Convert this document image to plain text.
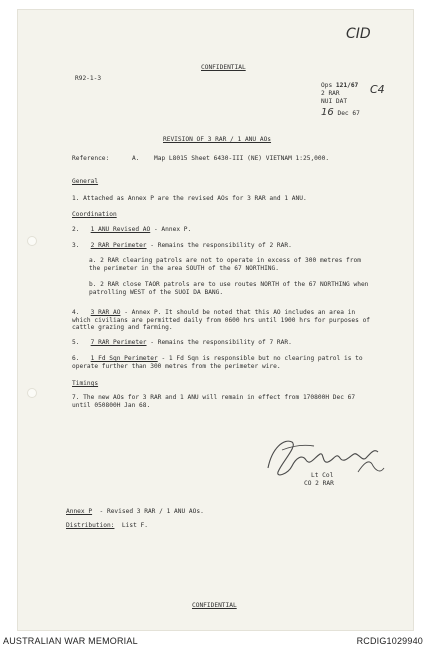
CID
C4
CONFIDENTIAL
R92-1-3
Ops 121/67
2 RAR
NUI DAT
16 Dec 67
REVISION OF 3 RAR / 1 ANU AOs
Reference:	A. Map L8015 Sheet 6430-III (NE) VIETNAM 1:25,000.
General
1. Attached as Annex P are the revised AOs for 3 RAR and 1 ANU.
Coordination
2. 1 ANU Revised AO - Annex P.
3. 2 RAR Perimeter - Remains the responsibility of 2 RAR.
a. 2 RAR clearing patrols are not to operate in excess of 300 metres from the perimeter in the area SOUTH of the 67 NORTHING.
b. 2 RAR close TAOR patrols are to use routes NORTH of the 67 NORTHING when patrolling WEST of the SUOI DA BANG.
4. 3 RAR AO - Annex P. It should be noted that this AO includes an area in which civilians are permitted daily from 0600 hrs until 1900 hrs for purposes of cattle grazing and farming.
5. 7 RAR Perimeter - Remains the responsibility of 7 RAR.
6. 1 Fd Sqn Perimeter - 1 Fd Sqn is responsible but no clearing patrol is to operate further than 300 metres from the perimeter wire.
Timings
7. The new AOs for 3 RAR and 1 ANU will remain in effect from 170800H Dec 67 until 050800H Jan 68.
Lt Col
CO 2 RAR
Annex P - Revised 3 RAR / 1 ANU AOs.
Distribution: List F.
CONFIDENTIAL
AUSTRALIAN WAR MEMORIAL	RCDIG1029940
